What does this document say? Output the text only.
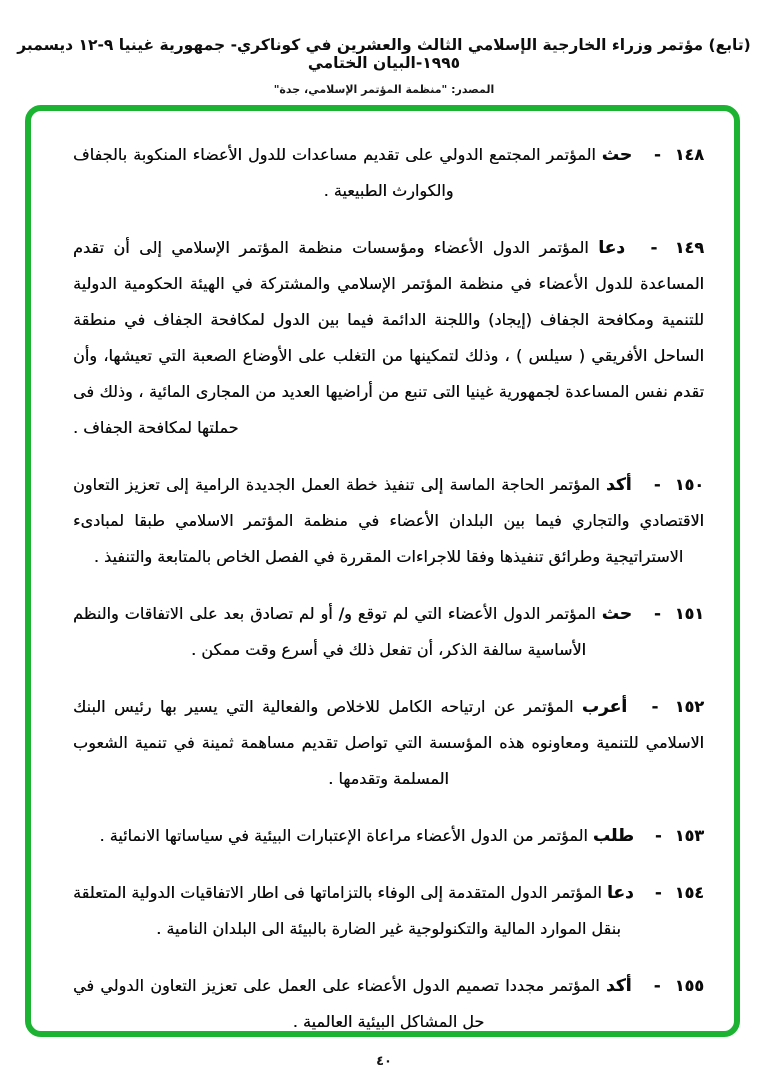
(تابع) مؤتمر وزراء الخارجية الإسلامي الثالث والعشرين في كوناكري- جمهورية غينيا ٩-١٢ ديسمبر ١٩٩٥-البيان الختامي
المصدر: "منظمة المؤتمر الإسلامي، جدة"

١٤٨ - حث المؤتمر المجتمع الدولي على تقديم مساعدات للدول الأعضاء المنكوبة بالجفاف والكوارث الطبيعية .

١٤٩ - دعا المؤتمر الدول الأعضاء ومؤسسات منظمة المؤتمر الإسلامي إلى أن تقدم المساعدة للدول الأعضاء في منظمة المؤتمر الإسلامي والمشتركة في الهيئة الحكومية الدولية للتنمية ومكافحة الجفاف (إيجاد) واللجنة الدائمة فيما بين الدول لمكافحة الجفاف في منطقة الساحل الأفريقي ( سيلس ) ، وذلك لتمكينها من التغلب على الأوضاع الصعبة التي تعيشها، وأن تقدم نفس المساعدة لجمهورية غينيا التى تنبع من أراضيها العديد من المجارى المائية ، وذلك فى حملتها لمكافحة الجفاف .

١٥٠ - أكد المؤتمر الحاجة الماسة إلى تنفيذ خطة العمل الجديدة الرامية إلى تعزيز التعاون الاقتصادي والتجاري فيما بين البلدان الأعضاء في منظمة المؤتمر الاسلامي طبقا لمبادىء الاستراتيجية وطرائق تنفيذها وفقا للاجراءات المقررة في الفصل الخاص بالمتابعة والتنفيذ .

١٥١ - حث المؤتمر الدول الأعضاء التي لم توقع و/ أو لم تصادق بعد على الاتفاقات والنظم الأساسية سالفة الذكر، أن تفعل ذلك في أسرع وقت ممكن .

١٥٢ - أعرب المؤتمر عن ارتياحه الكامل للاخلاص والفعالية التي يسير بها رئيس البنك الاسلامي للتنمية ومعاونوه هذه المؤسسة التي تواصل تقديم مساهمة ثمينة في تنمية الشعوب المسلمة وتقدمها .

١٥٣ - طلب المؤتمر من الدول الأعضاء مراعاة الإعتبارات البيئية في سياساتها الانمائية .

١٥٤ - دعا المؤتمر الدول المتقدمة إلى الوفاء بالتزاماتها فى اطار الاتفاقيات الدولية المتعلقة بنقل الموارد المالية والتكنولوجية غير الضارة بالبيئة الى البلدان النامية .

١٥٥ - أكد المؤتمر مجددا تصميم الدول الأعضاء على العمل على تعزيز التعاون الدولي في حل المشاكل البيئية العالمية .

٤٠
